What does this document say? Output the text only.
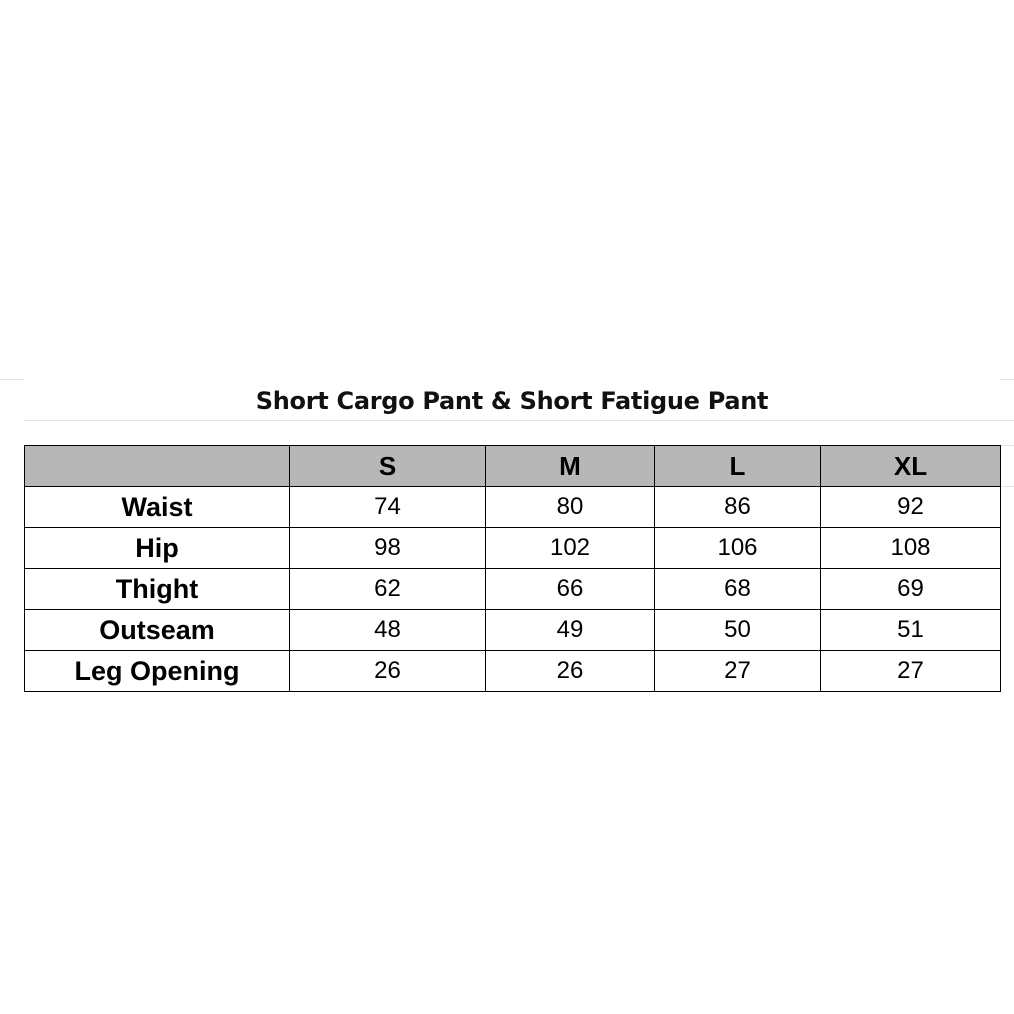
Short Cargo Pant & Short Fatigue Pant
	S	M	L	XL
Waist	74	80	86	92
Hip	98	102	106	108
Thight	62	66	68	69
Outseam	48	49	50	51
Leg Opening	26	26	27	27
